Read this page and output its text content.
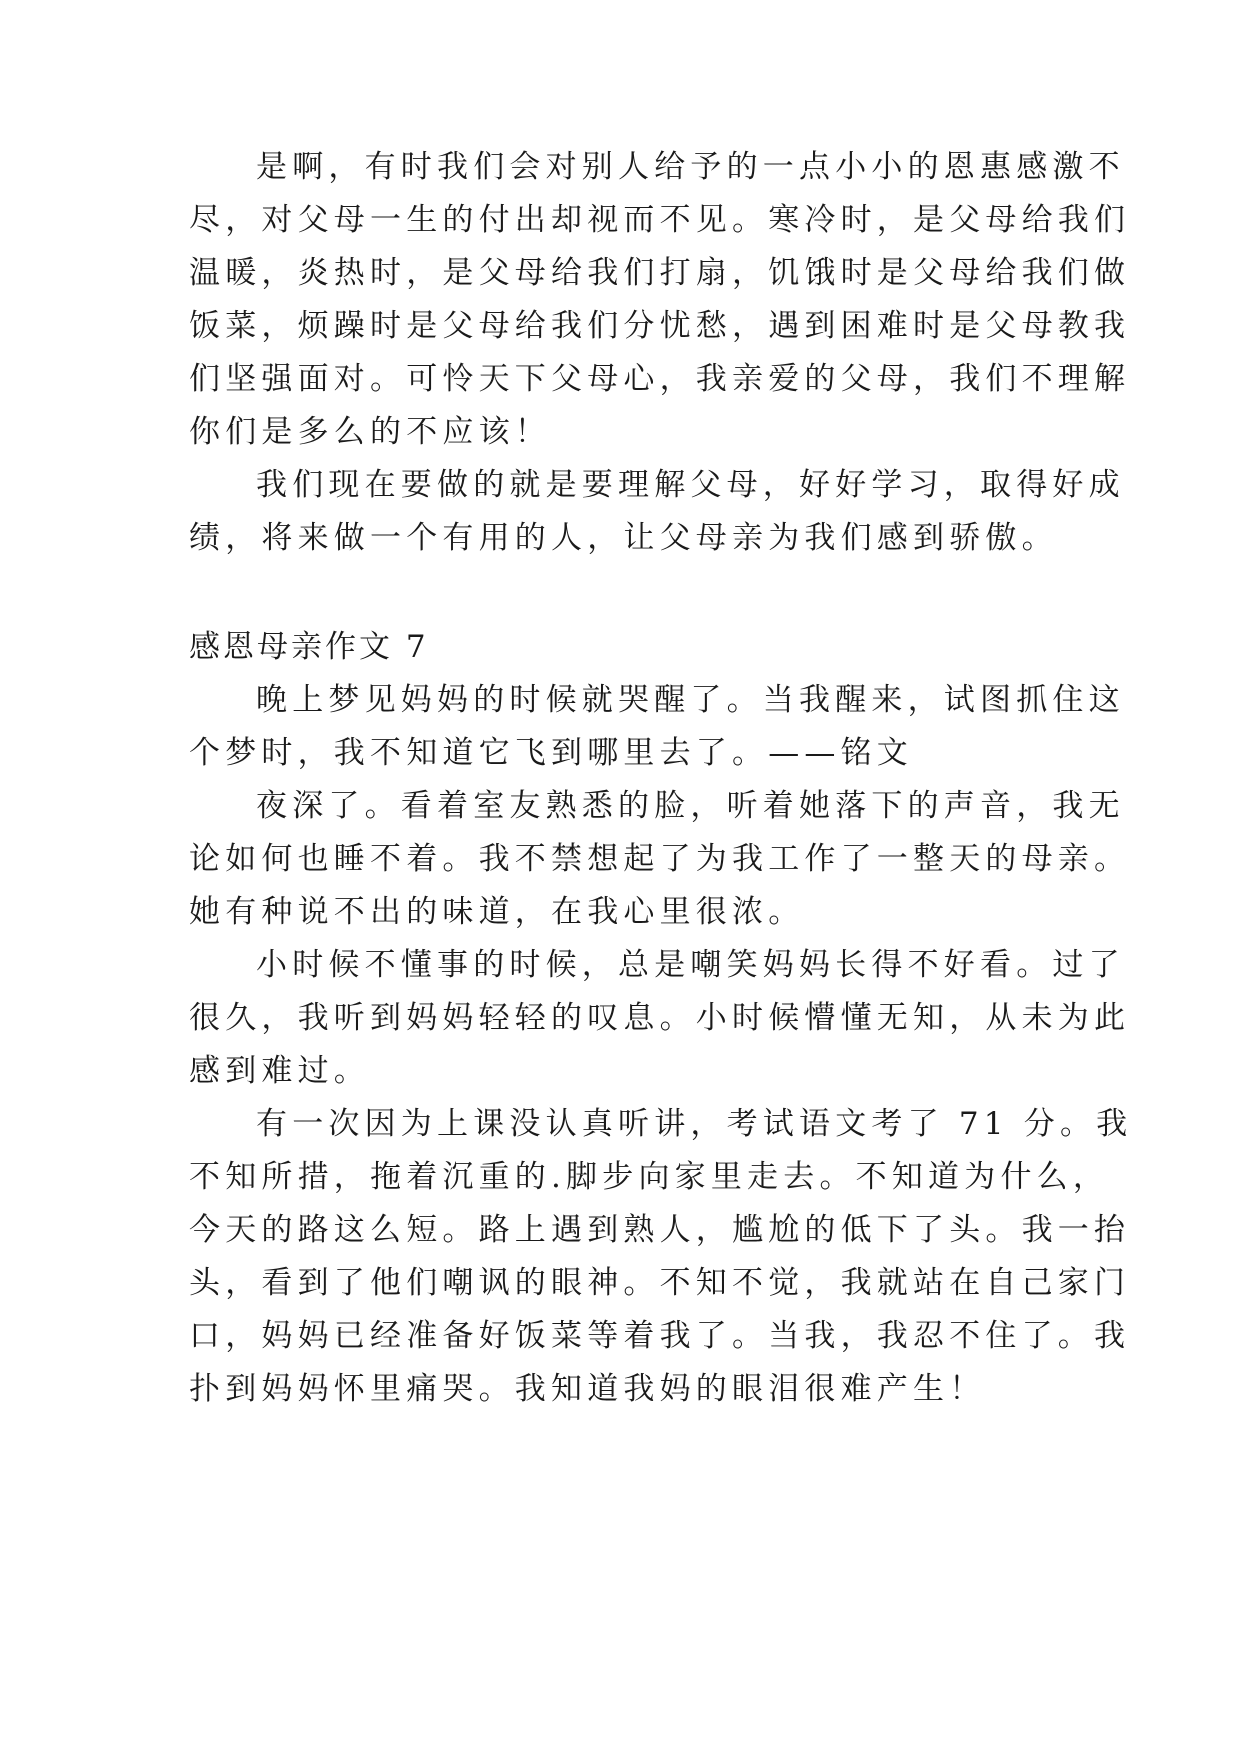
是啊，有时我们会对别人给予的一点小小的恩惠感激不
尽，对父母一生的付出却视而不见。寒冷时，是父母给我们
温暖，炎热时，是父母给我们打扇，饥饿时是父母给我们做
饭菜，烦躁时是父母给我们分忧愁，遇到困难时是父母教我
们坚强面对。可怜天下父母心，我亲爱的父母，我们不理解
你们是多么的不应该！
我们现在要做的就是要理解父母，好好学习，取得好成
绩，将来做一个有用的人，让父母亲为我们感到骄傲。
感恩母亲作文 7
晚上梦见妈妈的时候就哭醒了。当我醒来，试图抓住这
个梦时，我不知道它飞到哪里去了。——铭文
夜深了。看着室友熟悉的脸，听着她落下的声音，我无
论如何也睡不着。我不禁想起了为我工作了一整天的母亲。
她有种说不出的味道，在我心里很浓。
小时候不懂事的时候，总是嘲笑妈妈长得不好看。过了
很久，我听到妈妈轻轻的叹息。小时候懵懂无知，从未为此
感到难过。
有一次因为上课没认真听讲，考试语文考了 71 分。我
不知所措，拖着沉重的.脚步向家里走去。不知道为什么，
今天的路这么短。路上遇到熟人，尴尬的低下了头。我一抬
头，看到了他们嘲讽的眼神。不知不觉，我就站在自己家门
口，妈妈已经准备好饭菜等着我了。当我，我忍不住了。我
扑到妈妈怀里痛哭。我知道我妈的眼泪很难产生！
